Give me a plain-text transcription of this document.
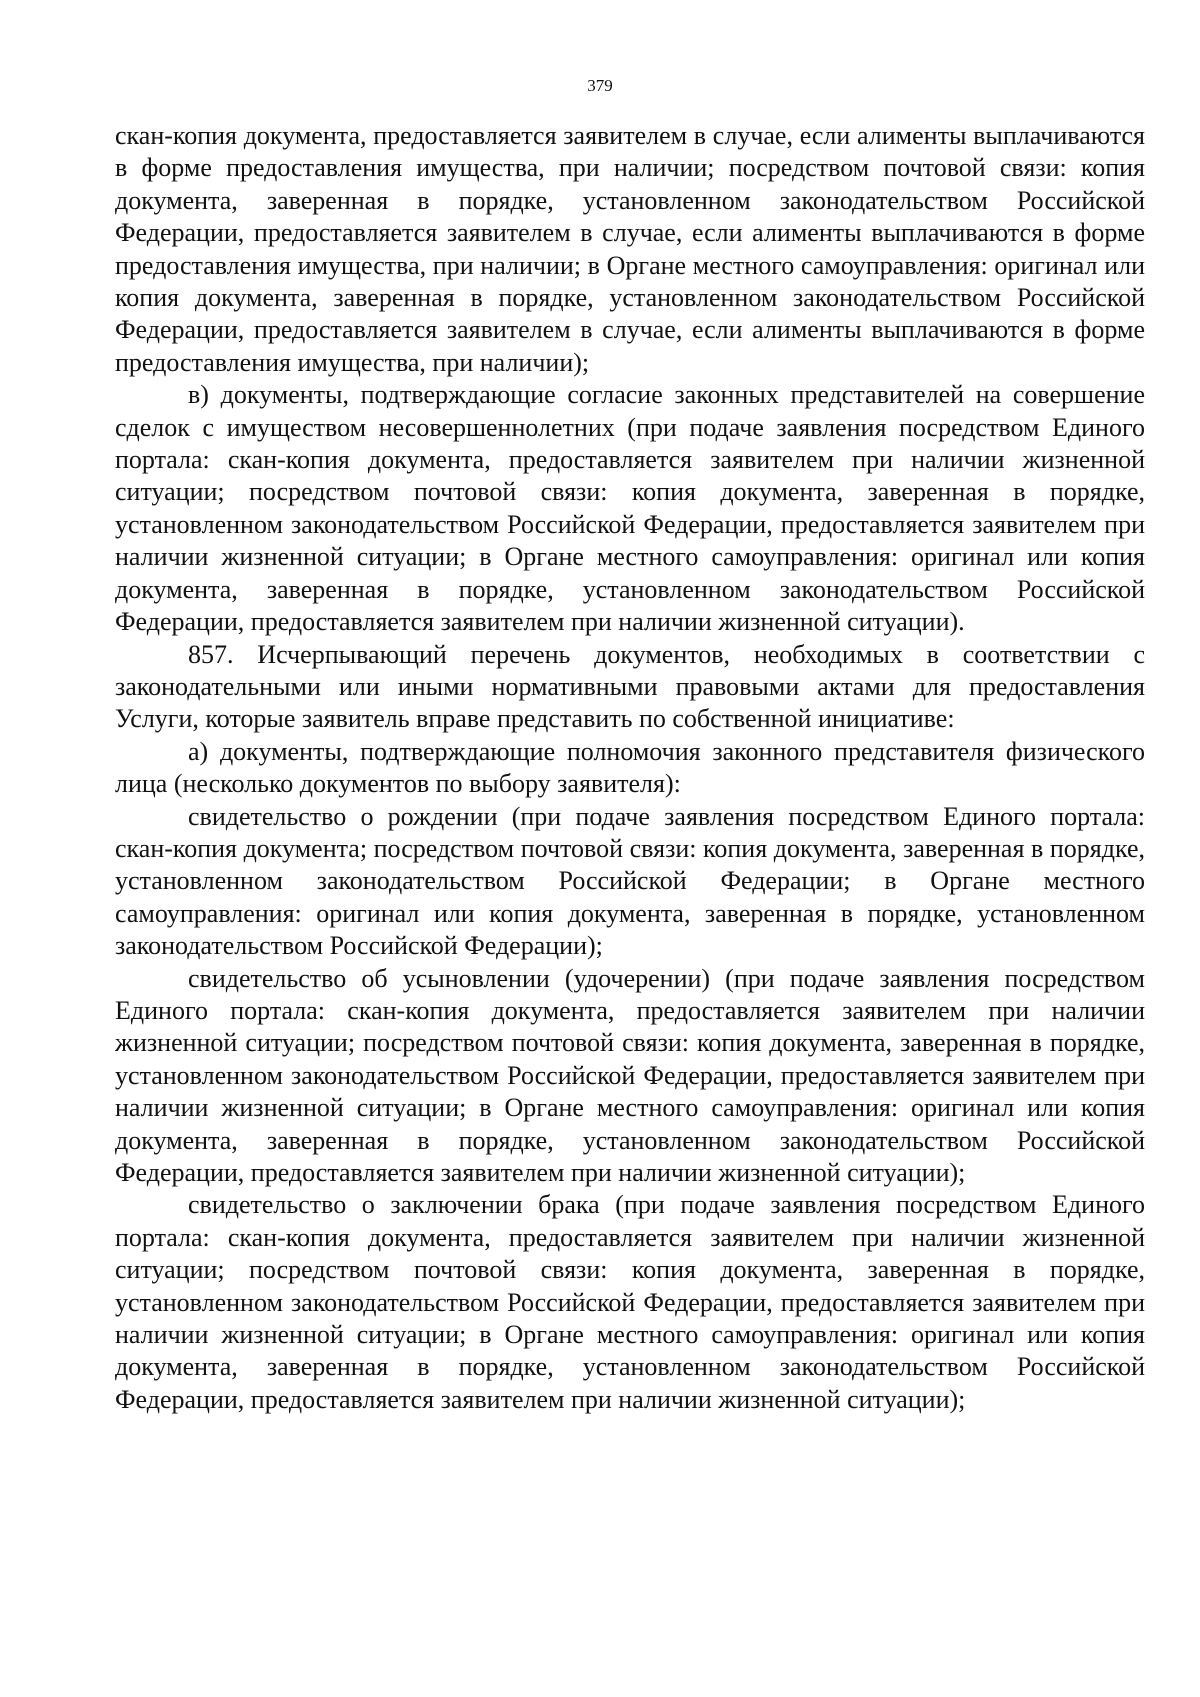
379

скан-копия документа, предоставляется заявителем в случае, если алименты выплачиваются в форме предоставления имущества, при наличии; посредством почтовой связи: копия документа, заверенная в порядке, установленном законодательством Российской Федерации, предоставляется заявителем в случае, если алименты выплачиваются в форме предоставления имущества, при наличии; в Органе местного самоуправления: оригинал или копия документа, заверенная в порядке, установленном законодательством Российской Федерации, предоставляется заявителем в случае, если алименты выплачиваются в форме предоставления имущества, при наличии);

в) документы, подтверждающие согласие законных представителей на совершение сделок с имуществом несовершеннолетних (при подаче заявления посредством Единого портала: скан-копия документа, предоставляется заявителем при наличии жизненной ситуации; посредством почтовой связи: копия документа, заверенная в порядке, установленном законодательством Российской Федерации, предоставляется заявителем при наличии жизненной ситуации; в Органе местного самоуправления: оригинал или копия документа, заверенная в порядке, установленном законодательством Российской Федерации, предоставляется заявителем при наличии жизненной ситуации).

857. Исчерпывающий перечень документов, необходимых в соответствии с законодательными или иными нормативными правовыми актами для предоставления Услуги, которые заявитель вправе представить по собственной инициативе:

а) документы, подтверждающие полномочия законного представителя физического лица (несколько документов по выбору заявителя):

свидетельство о рождении (при подаче заявления посредством Единого портала: скан-копия документа; посредством почтовой связи: копия документа, заверенная в порядке, установленном законодательством Российской Федерации; в Органе местного самоуправления: оригинал или копия документа, заверенная в порядке, установленном законодательством Российской Федерации);

свидетельство об усыновлении (удочерении) (при подаче заявления посредством Единого портала: скан-копия документа, предоставляется заявителем при наличии жизненной ситуации; посредством почтовой связи: копия документа, заверенная в порядке, установленном законодательством Российской Федерации, предоставляется заявителем при наличии жизненной ситуации; в Органе местного самоуправления: оригинал или копия документа, заверенная в порядке, установленном законодательством Российской Федерации, предоставляется заявителем при наличии жизненной ситуации);

свидетельство о заключении брака (при подаче заявления посредством Единого портала: скан-копия документа, предоставляется заявителем при наличии жизненной ситуации; посредством почтовой связи: копия документа, заверенная в порядке, установленном законодательством Российской Федерации, предоставляется заявителем при наличии жизненной ситуации; в Органе местного самоуправления: оригинал или копия документа, заверенная в порядке, установленном законодательством Российской Федерации, предоставляется заявителем при наличии жизненной ситуации);
